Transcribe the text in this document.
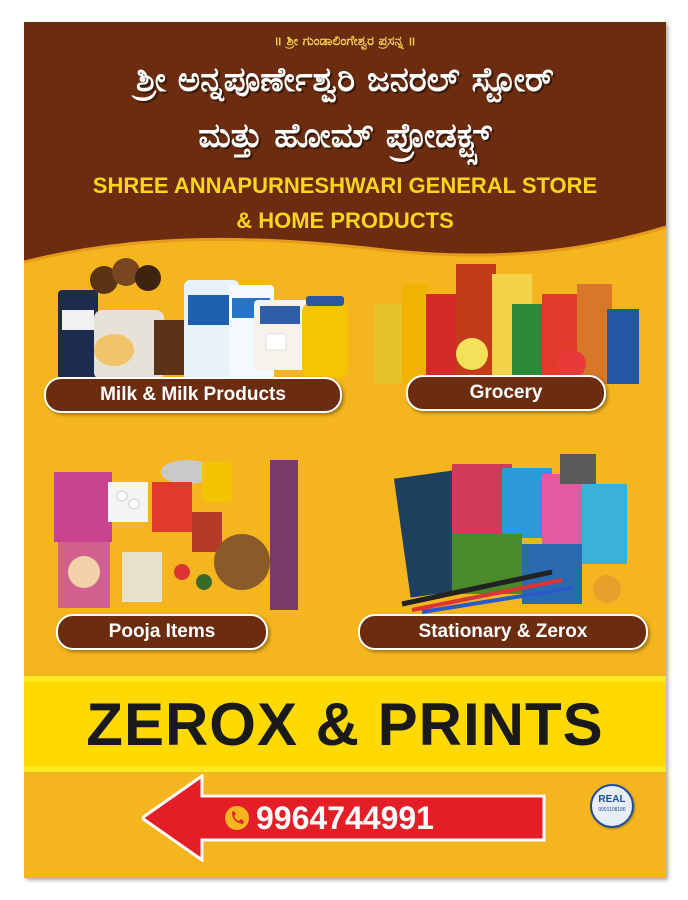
॥ ಶ್ರೀ ಗುಂಡಾಲಿಂಗೇಶ್ವರ ಪ್ರಸನ್ನ ॥
ಶ್ರೀ ಅನ್ನಪೂರ್ಣೇಶ್ವರಿ ಜನರಲ್ ಸ್ಟೋರ್
ಮತ್ತು ಹೋಮ್ ಪ್ರೋಡಕ್ಟ್ಸ್
SHREE ANNAPURNESHWARI GENERAL STORE
& HOME PRODUCTS
Milk & Milk Products	Grocery
Pooja Items	Stationary & Zerox
ZEROX & PRINTS
9964744991	REAL
9901108186
